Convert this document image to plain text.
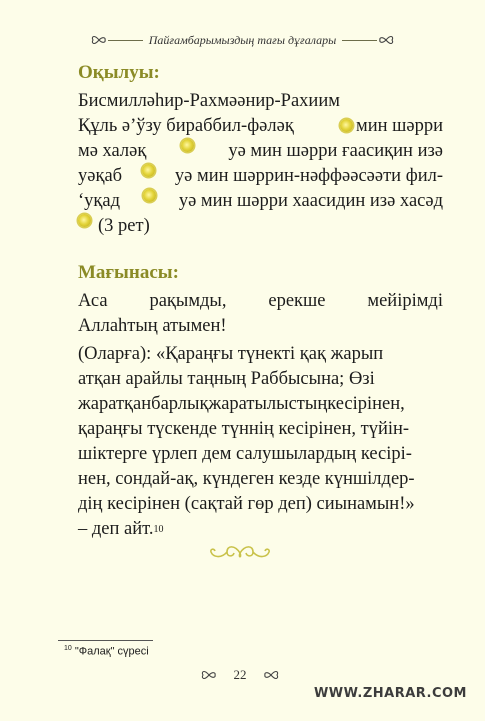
Пайғамбарымыздың тағы дұғалары
Оқылуы:
Бисмилләһир-Рахмәәнир-Рахиим
Құль ә’ўзу бираббил-фәләқ	мин шәрри
мә халәқ	уә мин шәрри ғаасиқин изә
уәқаб	уә мин шәррин-нәффәәсәәти фил-
‘уқад	уә мин шәрри хаасидин изә хасәд
(3 рет)
Мағынасы:
Аса рақымды, ерекше мейірімді
Аллаһтың атымен!
(Оларға): «Қараңғы түнекті қақ жарып
атқан арайлы таңның Раббысына; Өзі
жаратқанбарлықжаратылыстыңкесірінен,
қараңғы түскенде түннің кесірінен, түйін-
шіктерге үрлеп дем салушылардың кесірі-
нен, сондай-ақ, күндеген кезде күншілдер-
дің кесірінен (сақтай гөр деп) сиынамын!»
– деп айт. 10
$^{10}$ "Фалақ" сүресі
22
WWW.ZHARAR.COM
